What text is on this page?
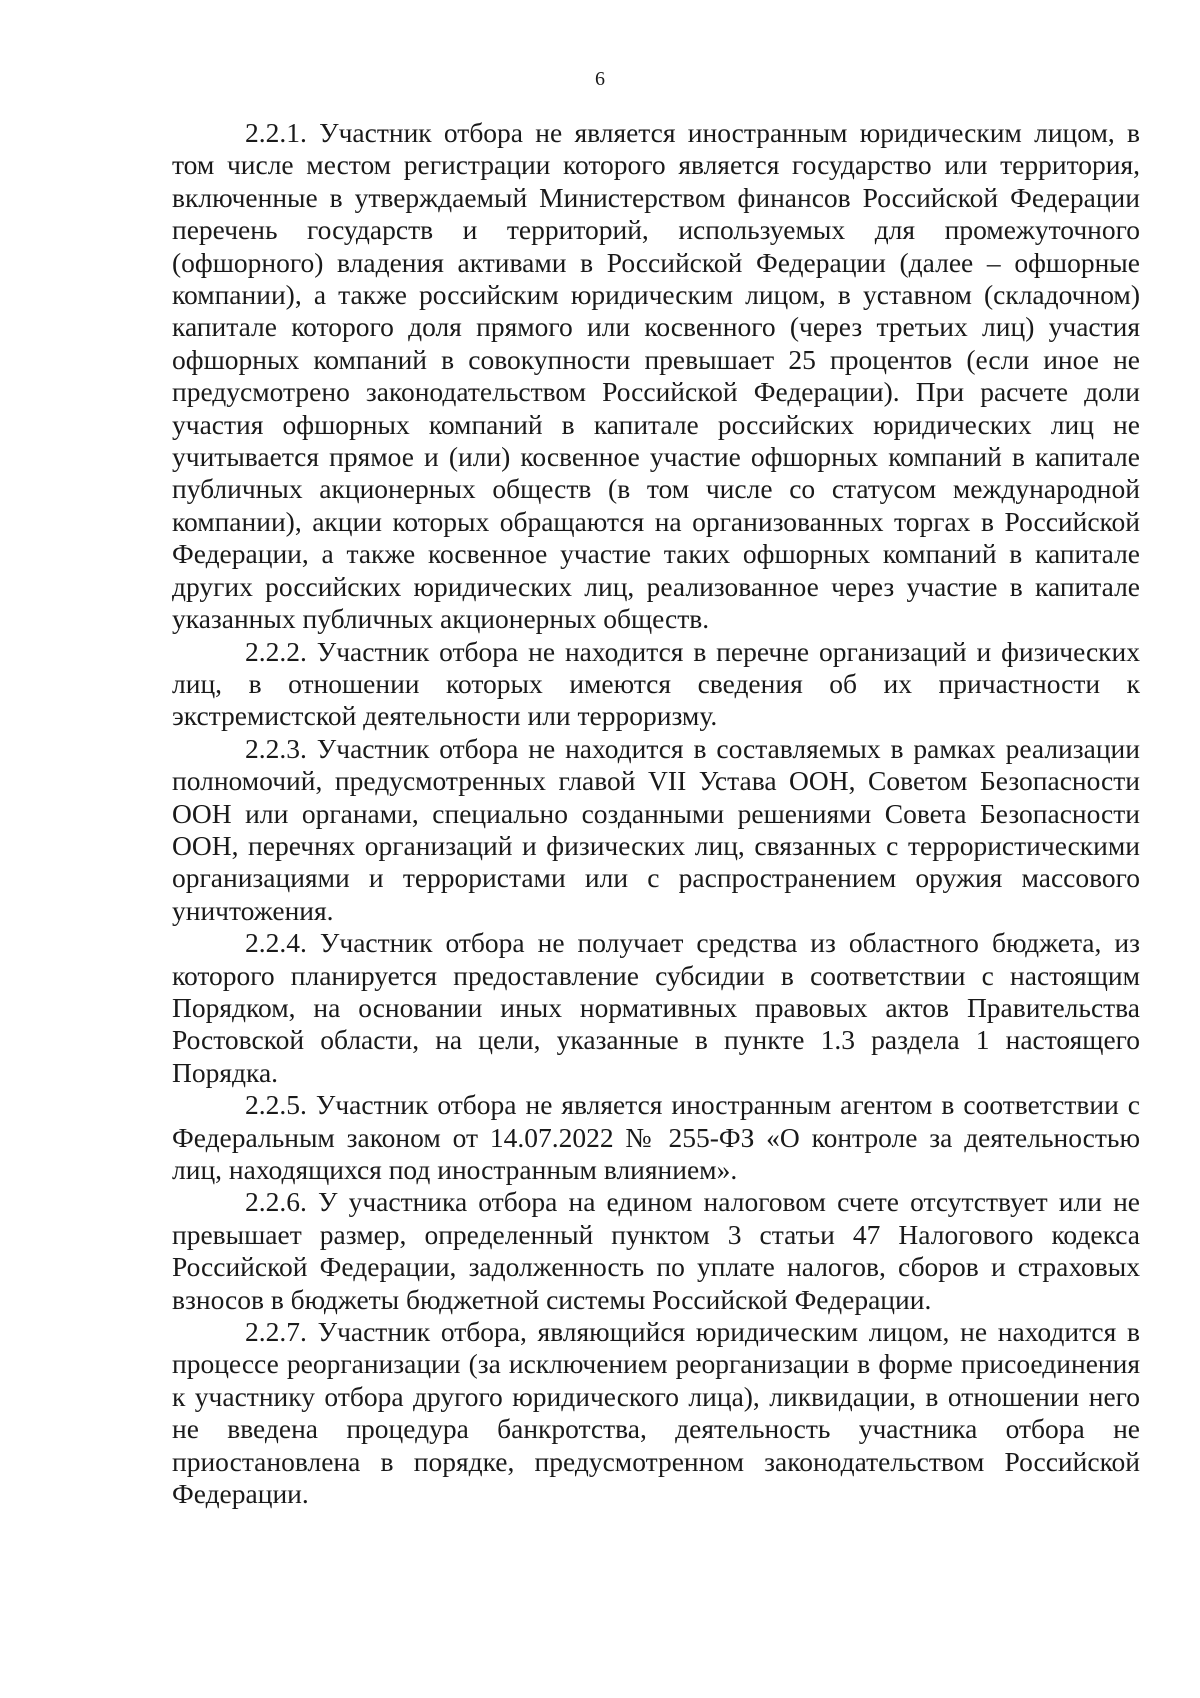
6

2.2.1. Участник отбора не является иностранным юридическим лицом, в том числе местом регистрации которого является государство или территория, включенные в утверждаемый Министерством финансов Российской Федерации перечень государств и территорий, используемых для промежуточного (офшорного) владения активами в Российской Федерации (далее – офшорные компании), а также российским юридическим лицом, в уставном (складочном) капитале которого доля прямого или косвенного (через третьих лиц) участия офшорных компаний в совокупности превышает 25 процентов (если иное не предусмотрено законодательством Российской Федерации). При расчете доли участия офшорных компаний в капитале российских юридических лиц не учитывается прямое и (или) косвенное участие офшорных компаний в капитале публичных акционерных обществ (в том числе со статусом международной компании), акции которых обращаются на организованных торгах в Российской Федерации, а также косвенное участие таких офшорных компаний в капитале других российских юридических лиц, реализованное через участие в капитале указанных публичных акционерных обществ.

2.2.2. Участник отбора не находится в перечне организаций и физических лиц, в отношении которых имеются сведения об их причастности к экстремистской деятельности или терроризму.

2.2.3. Участник отбора не находится в составляемых в рамках реализации полномочий, предусмотренных главой VII Устава ООН, Советом Безопасности ООН или органами, специально созданными решениями Совета Безопасности ООН, перечнях организаций и физических лиц, связанных с террористическими организациями и террористами или с распространением оружия массового уничтожения.

2.2.4. Участник отбора не получает средства из областного бюджета, из которого планируется предоставление субсидии в соответствии с настоящим Порядком, на основании иных нормативных правовых актов Правительства Ростовской области, на цели, указанные в пункте 1.3 раздела 1 настоящего Порядка.

2.2.5. Участник отбора не является иностранным агентом в соответствии с Федеральным законом от 14.07.2022 № 255-ФЗ «О контроле за деятельностью лиц, находящихся под иностранным влиянием».

2.2.6. У участника отбора на едином налоговом счете отсутствует или не превышает размер, определенный пунктом 3 статьи 47 Налогового кодекса Российской Федерации, задолженность по уплате налогов, сборов и страховых взносов в бюджеты бюджетной системы Российской Федерации.

2.2.7. Участник отбора, являющийся юридическим лицом, не находится в процессе реорганизации (за исключением реорганизации в форме присоединения к участнику отбора другого юридического лица), ликвидации, в отношении него не введена процедура банкротства, деятельность участника отбора не приостановлена в порядке, предусмотренном законодательством Российской Федерации.
